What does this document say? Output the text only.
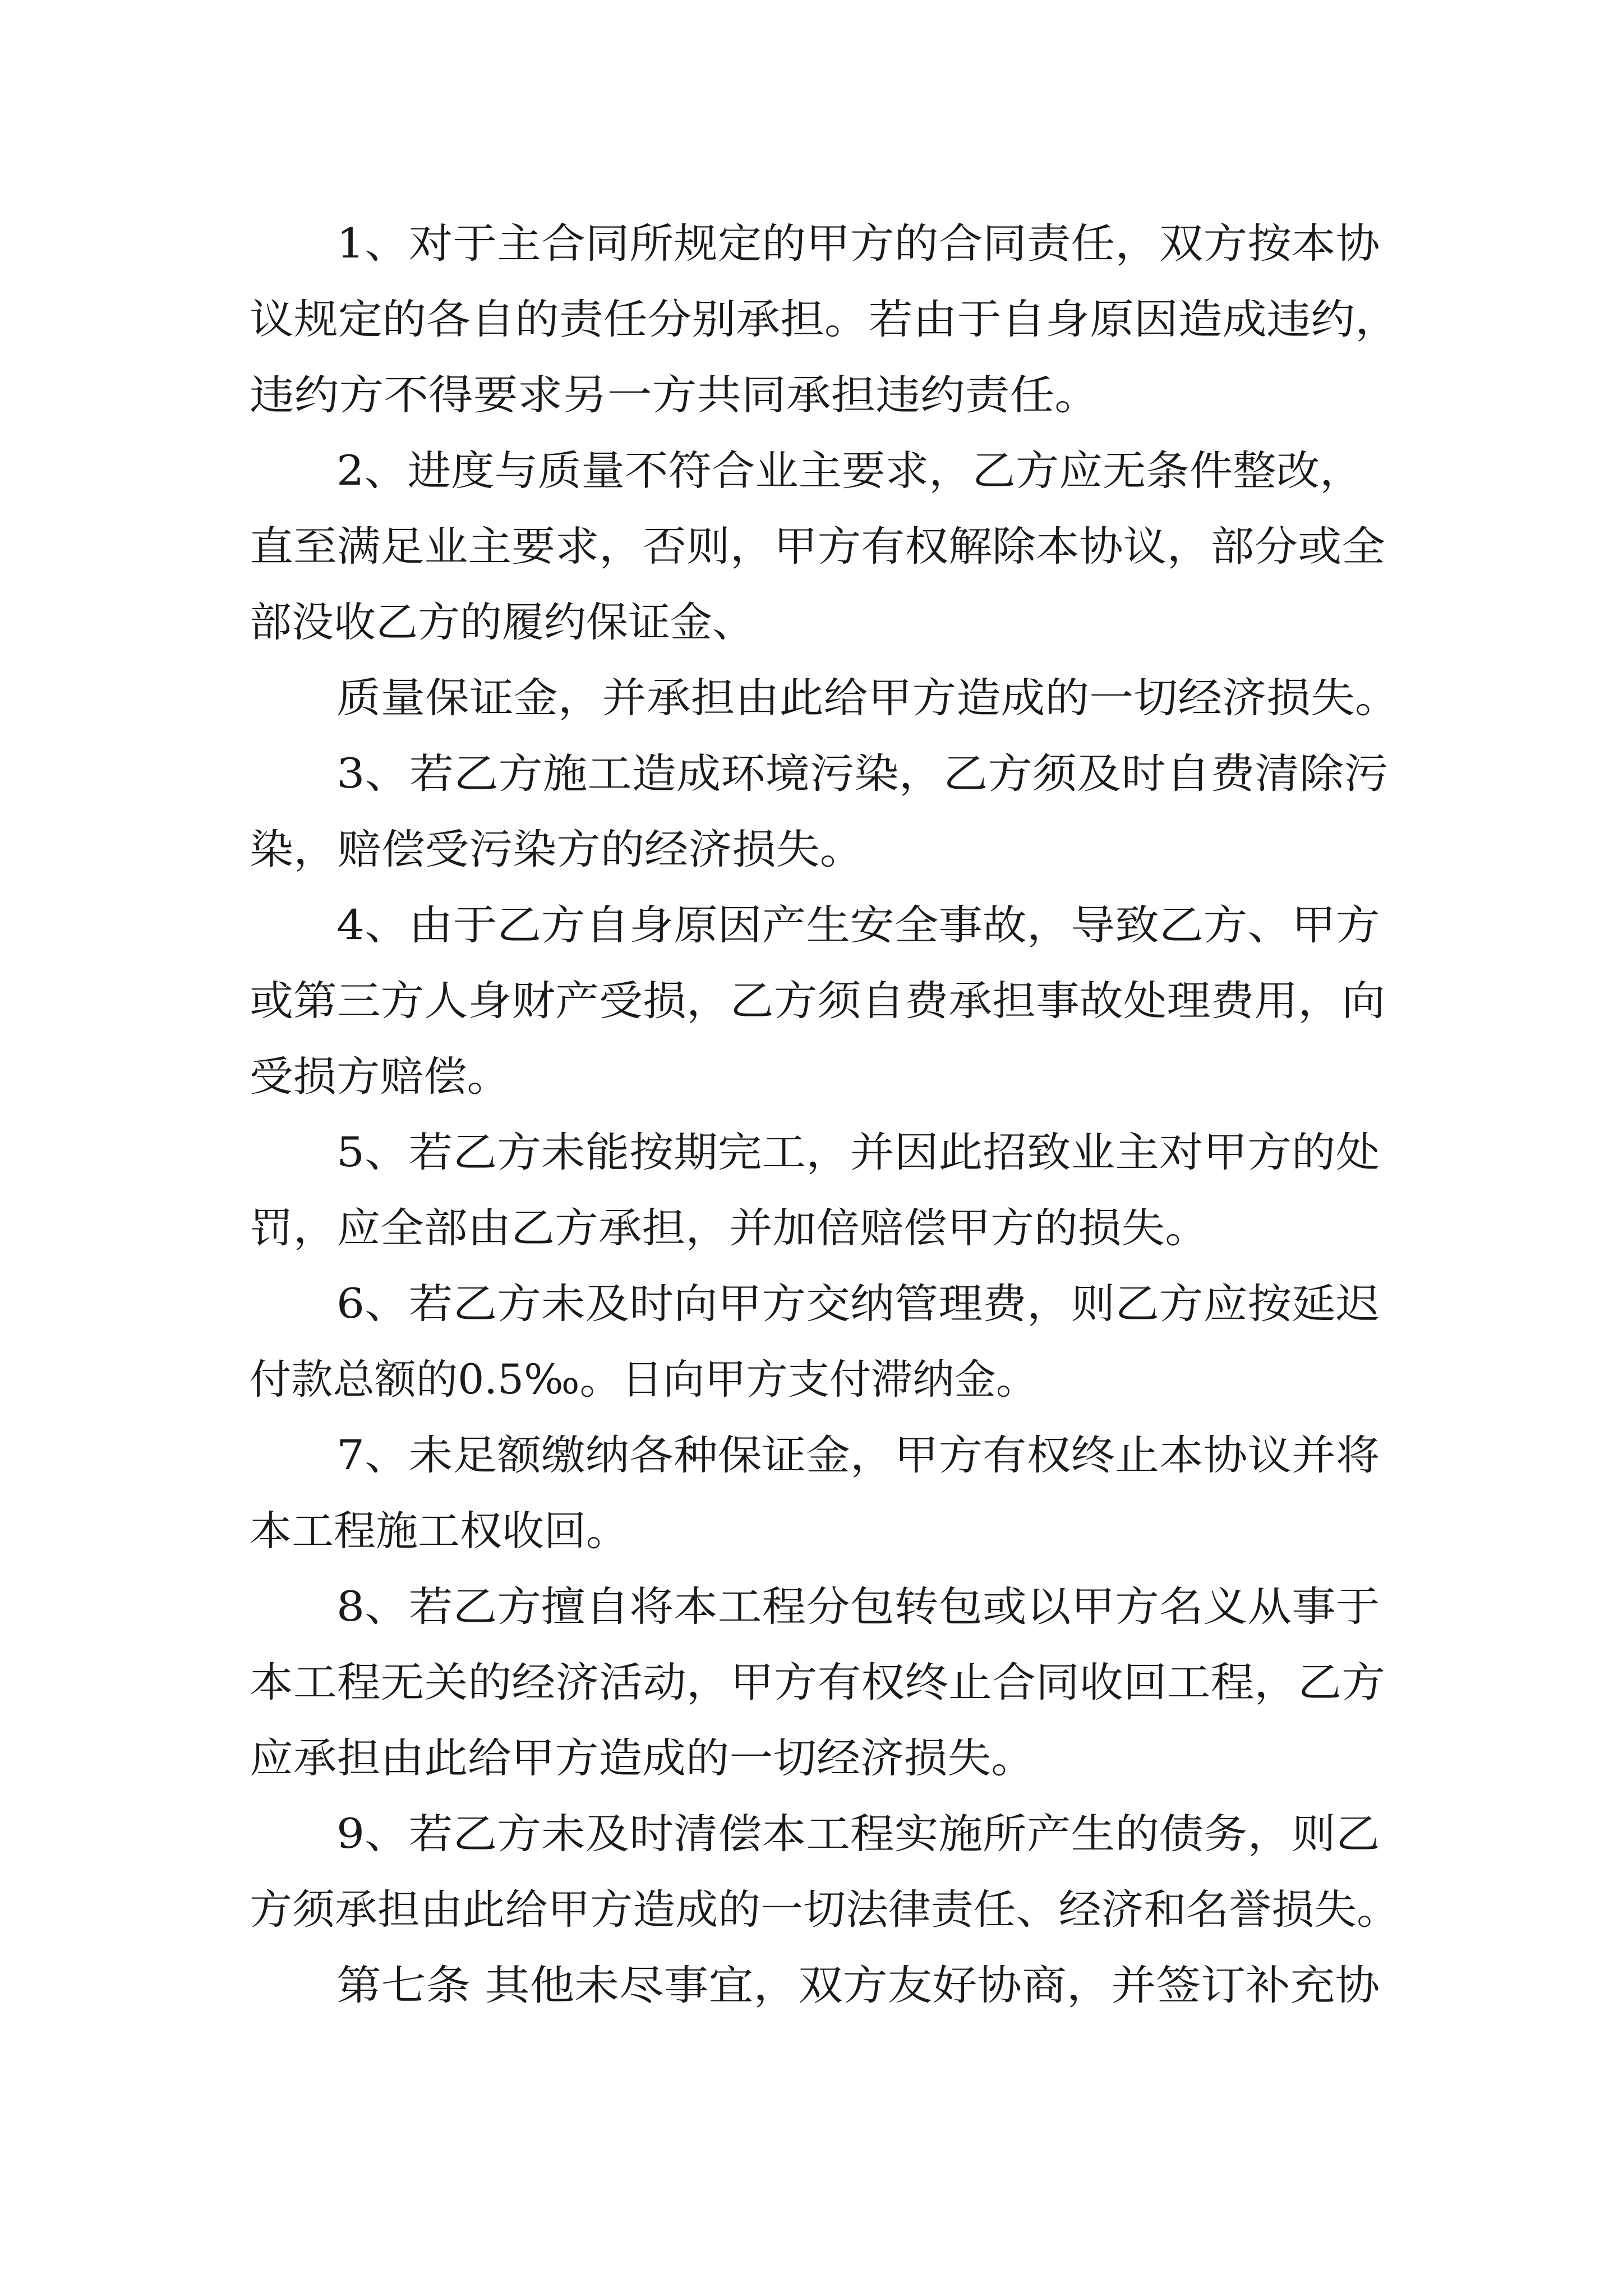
1、对于主合同所规定的甲方的合同责任，双方按本协
议规定的各自的责任分别承担。若由于自身原因造成违约，
违约方不得要求另一方共同承担违约责任。
2、进度与质量不符合业主要求，乙方应无条件整改，
直至满足业主要求，否则，甲方有权解除本协议，部分或全
部没收乙方的履约保证金、
质量保证金，并承担由此给甲方造成的一切经济损失。
3、若乙方施工造成环境污染，乙方须及时自费清除污
染，赔偿受污染方的经济损失。
4、由于乙方自身原因产生安全事故，导致乙方、甲方
或第三方人身财产受损，乙方须自费承担事故处理费用，向
受损方赔偿。
5、若乙方未能按期完工，并因此招致业主对甲方的处
罚，应全部由乙方承担，并加倍赔偿甲方的损失。
6、若乙方未及时向甲方交纳管理费，则乙方应按延迟
付款总额的0.5‰。日向甲方支付滞纳金。
7、未足额缴纳各种保证金，甲方有权终止本协议并将
本工程施工权收回。
8、若乙方擅自将本工程分包转包或以甲方名义从事于
本工程无关的经济活动，甲方有权终止合同收回工程，乙方
应承担由此给甲方造成的一切经济损失。
9、若乙方未及时清偿本工程实施所产生的债务，则乙
方须承担由此给甲方造成的一切法律责任、经济和名誉损失。
第七条 其他未尽事宜，双方友好协商，并签订补充协
